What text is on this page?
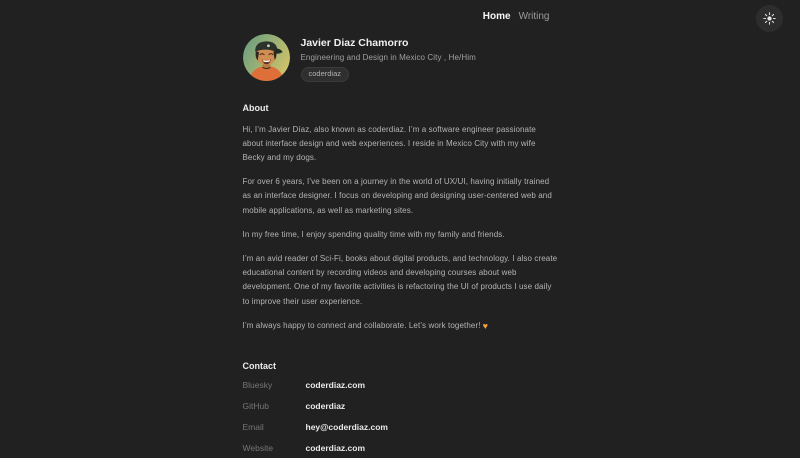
Home Writing
Javier Diaz Chamorro

Engineering and Design in Mexico City , He/Him

coderdiaz
About

Hi, I’m Javier Díaz, also known as coderdiaz. I’m a software engineer passionate about interface design and web experiences. I reside in Mexico City with my wife Becky and my dogs.

For over 6 years, I’ve been on a journey in the world of UX/UI, having initially trained as an interface designer. I focus on developing and designing user-centered web and mobile applications, as well as marketing sites.

In my free time, I enjoy spending quality time with my family and friends.

I’m an avid reader of Sci-Fi, books about digital products, and technology. I also create educational content by recording videos and developing courses about web development. One of my favorite activities is refactoring the UI of products I use daily to improve their user experience.

I’m always happy to connect and collaborate. Let’s work together!

Contact
Bluesky	coderdiaz.com
GitHub	coderdiaz
Email	hey@coderdiaz.com
Website	coderdiaz.com
